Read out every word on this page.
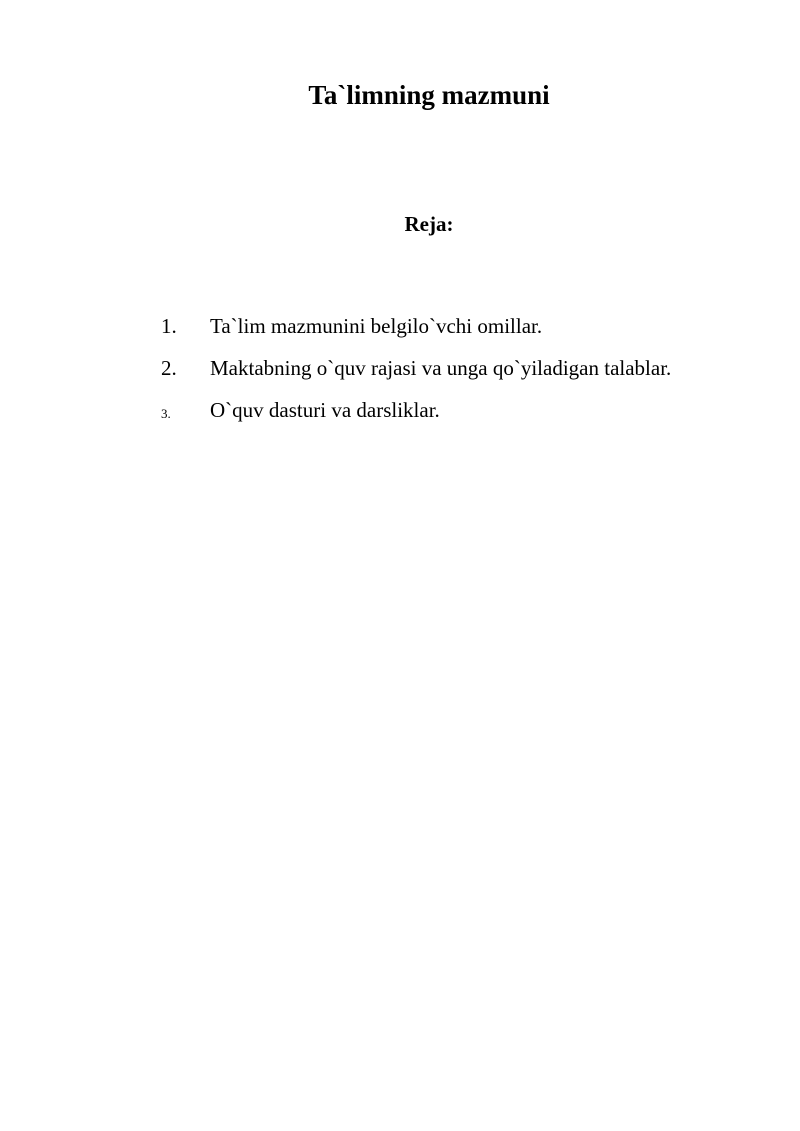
Ta`limning mazmuni
Reja:
1. Ta`lim mazmunini belgilo`vchi omillar.
2. Maktabning o`quv rajasi va unga qo`yiladigan talablar.
3. O`quv dasturi va darsliklar.
